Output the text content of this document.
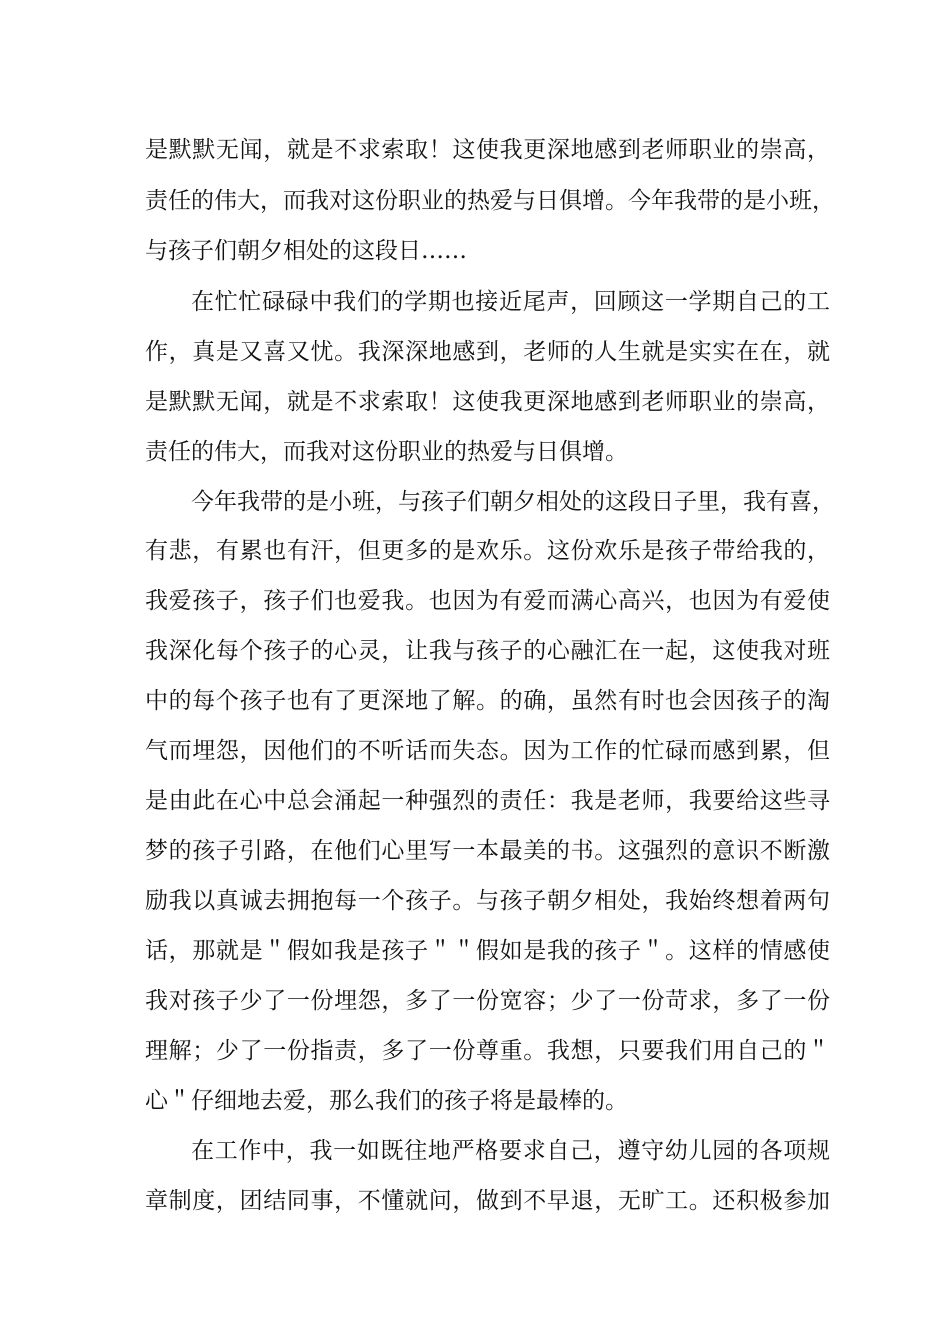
是默默无闻，就是不求索取！这使我更深地感到老师职业的崇高，
责任的伟大，而我对这份职业的热爱与日俱增。今年我带的是小班，
与孩子们朝夕相处的这段日……
在忙忙碌碌中我们的学期也接近尾声，回顾这一学期自己的工
作，真是又喜又忧。我深深地感到，老师的人生就是实实在在，就
是默默无闻，就是不求索取！这使我更深地感到老师职业的崇高，
责任的伟大，而我对这份职业的热爱与日俱增。
今年我带的是小班，与孩子们朝夕相处的这段日子里，我有喜，
有悲，有累也有汗，但更多的是欢乐。这份欢乐是孩子带给我的，
我爱孩子，孩子们也爱我。也因为有爱而满心高兴，也因为有爱使
我深化每个孩子的心灵，让我与孩子的心融汇在一起，这使我对班
中的每个孩子也有了更深地了解。的确，虽然有时也会因孩子的淘
气而埋怨，因他们的不听话而失态。因为工作的忙碌而感到累，但
是由此在心中总会涌起一种强烈的责任：我是老师，我要给这些寻
梦的孩子引路，在他们心里写一本最美的书。这强烈的意识不断激
励我以真诚去拥抱每一个孩子。与孩子朝夕相处，我始终想着两句
话，那就是＂假如我是孩子＂＂假如是我的孩子＂。这样的情感使
我对孩子少了一份埋怨，多了一份宽容；少了一份苛求，多了一份
理解；少了一份指责，多了一份尊重。我想，只要我们用自己的＂
心＂仔细地去爱，那么我们的孩子将是最棒的。
在工作中，我一如既往地严格要求自己，遵守幼儿园的各项规
章制度，团结同事，不懂就问，做到不早退，无旷工。还积极参加
